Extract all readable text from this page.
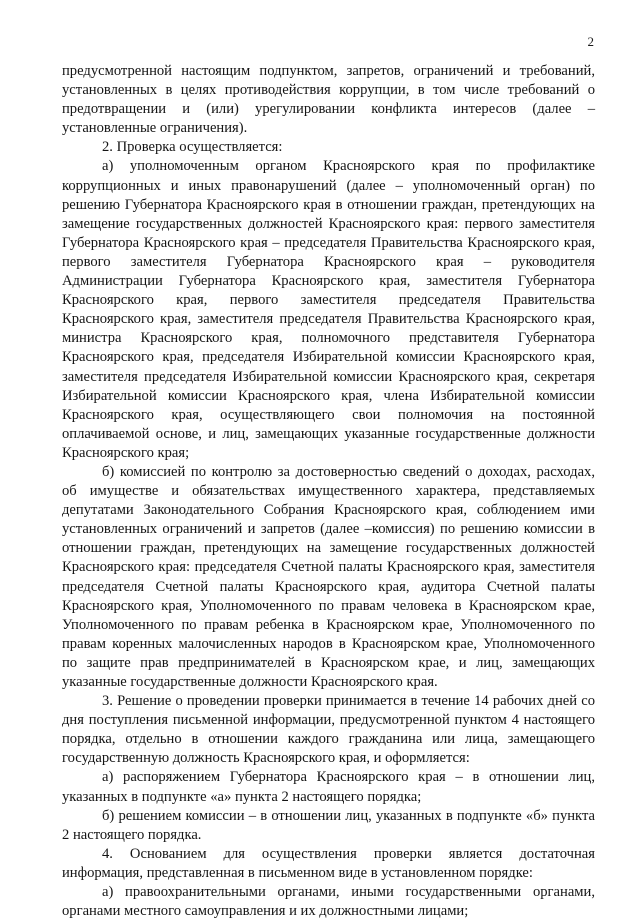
2

предусмотренной настоящим подпунктом, запретов, ограничений и требований, установленных в целях противодействия коррупции, в том числе требований о предотвращении и (или) урегулировании конфликта интересов (далее – установленные ограничения).

2. Проверка осуществляется:

а) уполномоченным органом Красноярского края по профилактике коррупционных и иных правонарушений (далее – уполномоченный орган) по решению Губернатора Красноярского края в отношении граждан, претендующих на замещение государственных должностей Красноярского края: первого заместителя Губернатора Красноярского края – председателя Правительства Красноярского края, первого заместителя Губернатора Красноярского края – руководителя Администрации Губернатора Красноярского края, заместителя Губернатора Красноярского края, первого заместителя председателя Правительства Красноярского края, заместителя председателя Правительства Красноярского края, министра Красноярского края, полномочного представителя Губернатора Красноярского края, председателя Избирательной комиссии Красноярского края, заместителя председателя Избирательной комиссии Красноярского края, секретаря Избирательной комиссии Красноярского края, члена Избирательной комиссии Красноярского края, осуществляющего свои полномочия на постоянной оплачиваемой основе, и лиц, замещающих указанные государственные должности Красноярского края;

б) комиссией по контролю за достоверностью сведений о доходах, расходах, об имуществе и обязательствах имущественного характера, представляемых депутатами Законодательного Собрания Красноярского края, соблюдением ими установленных ограничений и запретов (далее –комиссия) по решению комиссии в отношении граждан, претендующих на замещение государственных должностей Красноярского края: председателя Счетной палаты Красноярского края, заместителя председателя Счетной палаты Красноярского края, аудитора Счетной палаты Красноярского края, Уполномоченного по правам человека в Красноярском крае, Уполномоченного по правам ребенка в Красноярском крае, Уполномоченного по правам коренных малочисленных народов в Красноярском крае, Уполномоченного по защите прав предпринимателей в Красноярском крае, и лиц, замещающих указанные государственные должности Красноярского края.

3. Решение о проведении проверки принимается в течение 14 рабочих дней со дня поступления письменной информации, предусмотренной пунктом 4 настоящего порядка, отдельно в отношении каждого гражданина или лица, замещающего государственную должность Красноярского края, и оформляется:

а) распоряжением Губернатора Красноярского края – в отношении лиц, указанных в подпункте «а» пункта 2 настоящего порядка;

б) решением комиссии – в отношении лиц, указанных в подпункте «б» пункта 2 настоящего порядка.

4. Основанием для осуществления проверки является достаточная информация, представленная в письменном виде в установленном порядке:

а) правоохранительными органами, иными государственными органами, органами местного самоуправления и их должностными лицами;
